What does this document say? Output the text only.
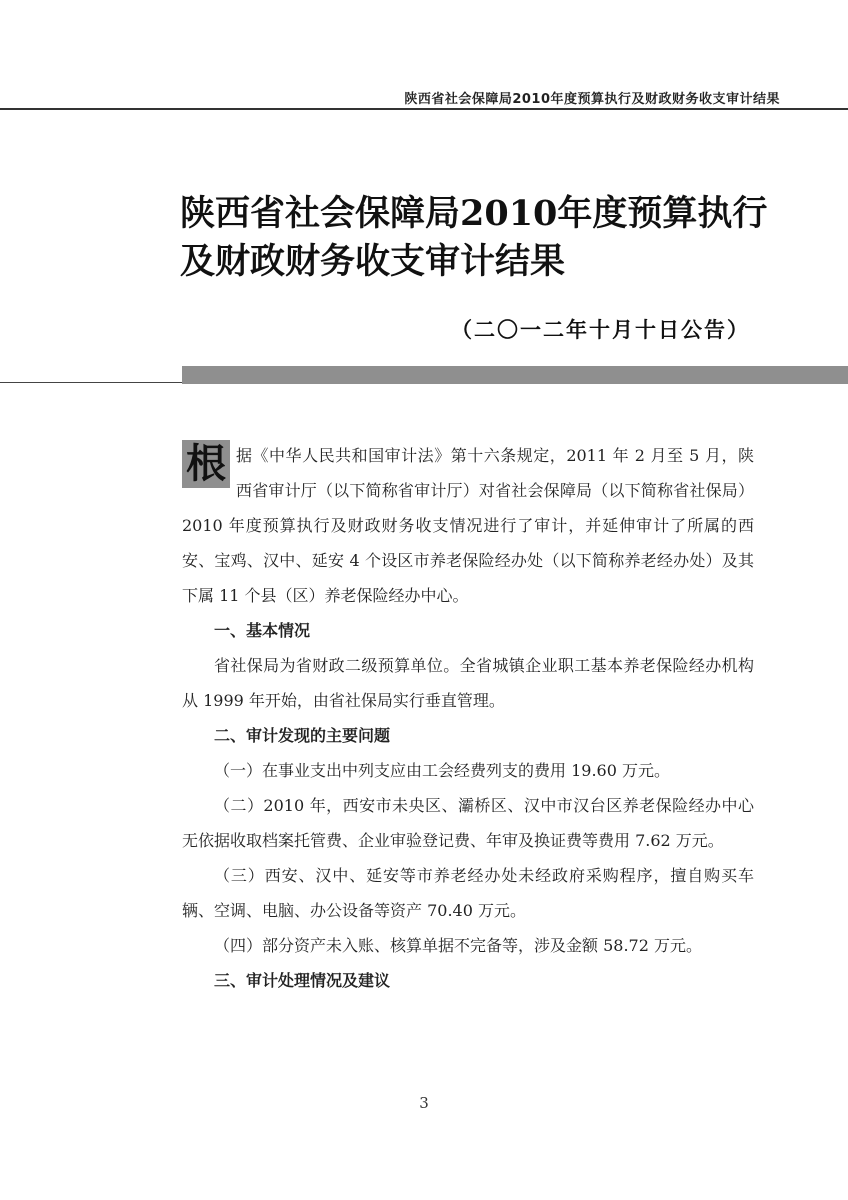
陕西省社会保障局2010年度预算执行及财政财务收支审计结果
陕西省社会保障局2010年度预算执行
及财政财务收支审计结果
（二〇一二年十月十日公告）

根 据《中华人民共和国审计法》第十六条规定，2011 年 2 月至 5 月，陕西省审计厅（以下简称省审计厅）对省社会保障局（以下简称省社保局）2010 年度预算执行及财政财务收支情况进行了审计，并延伸审计了所属的西安、宝鸡、汉中、延安 4 个设区市养老保险经办处（以下简称养老经办处）及其下属 11 个县（区）养老保险经办中心。

一、基本情况

省社保局为省财政二级预算单位。全省城镇企业职工基本养老保险经办机构从 1999 年开始，由省社保局实行垂直管理。

二、审计发现的主要问题

（一）在事业支出中列支应由工会经费列支的费用 19.60 万元。

（二）2010 年，西安市未央区、灞桥区、汉中市汉台区养老保险经办中心无依据收取档案托管费、企业审验登记费、年审及换证费等费用 7.62 万元。

（三）西安、汉中、延安等市养老经办处未经政府采购程序，擅自购买车辆、空调、电脑、办公设备等资产 70.40 万元。

（四）部分资产未入账、核算单据不完备等，涉及金额 58.72 万元。

三、审计处理情况及建议

3
